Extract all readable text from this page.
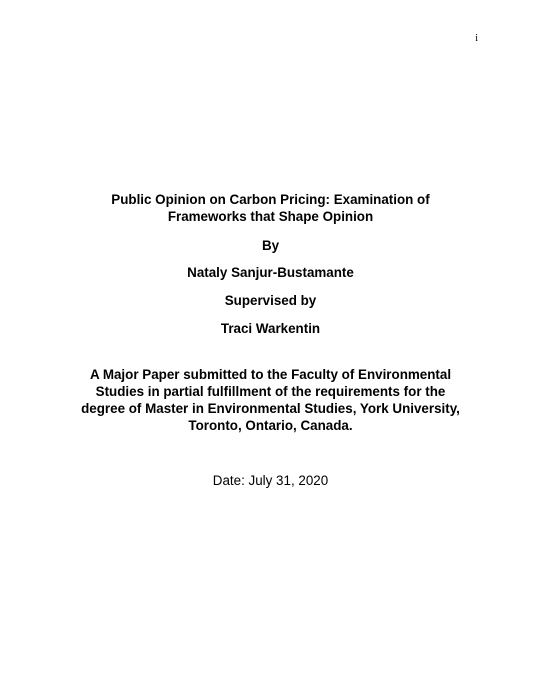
i
Public Opinion on Carbon Pricing: Examination of
Frameworks that Shape Opinion
By
Nataly Sanjur-Bustamante
Supervised by
Traci Warkentin
A Major Paper submitted to the Faculty of Environmental
Studies in partial fulfillment of the requirements for the
degree of Master in Environmental Studies, York University,
Toronto, Ontario, Canada.
Date: July 31, 2020
